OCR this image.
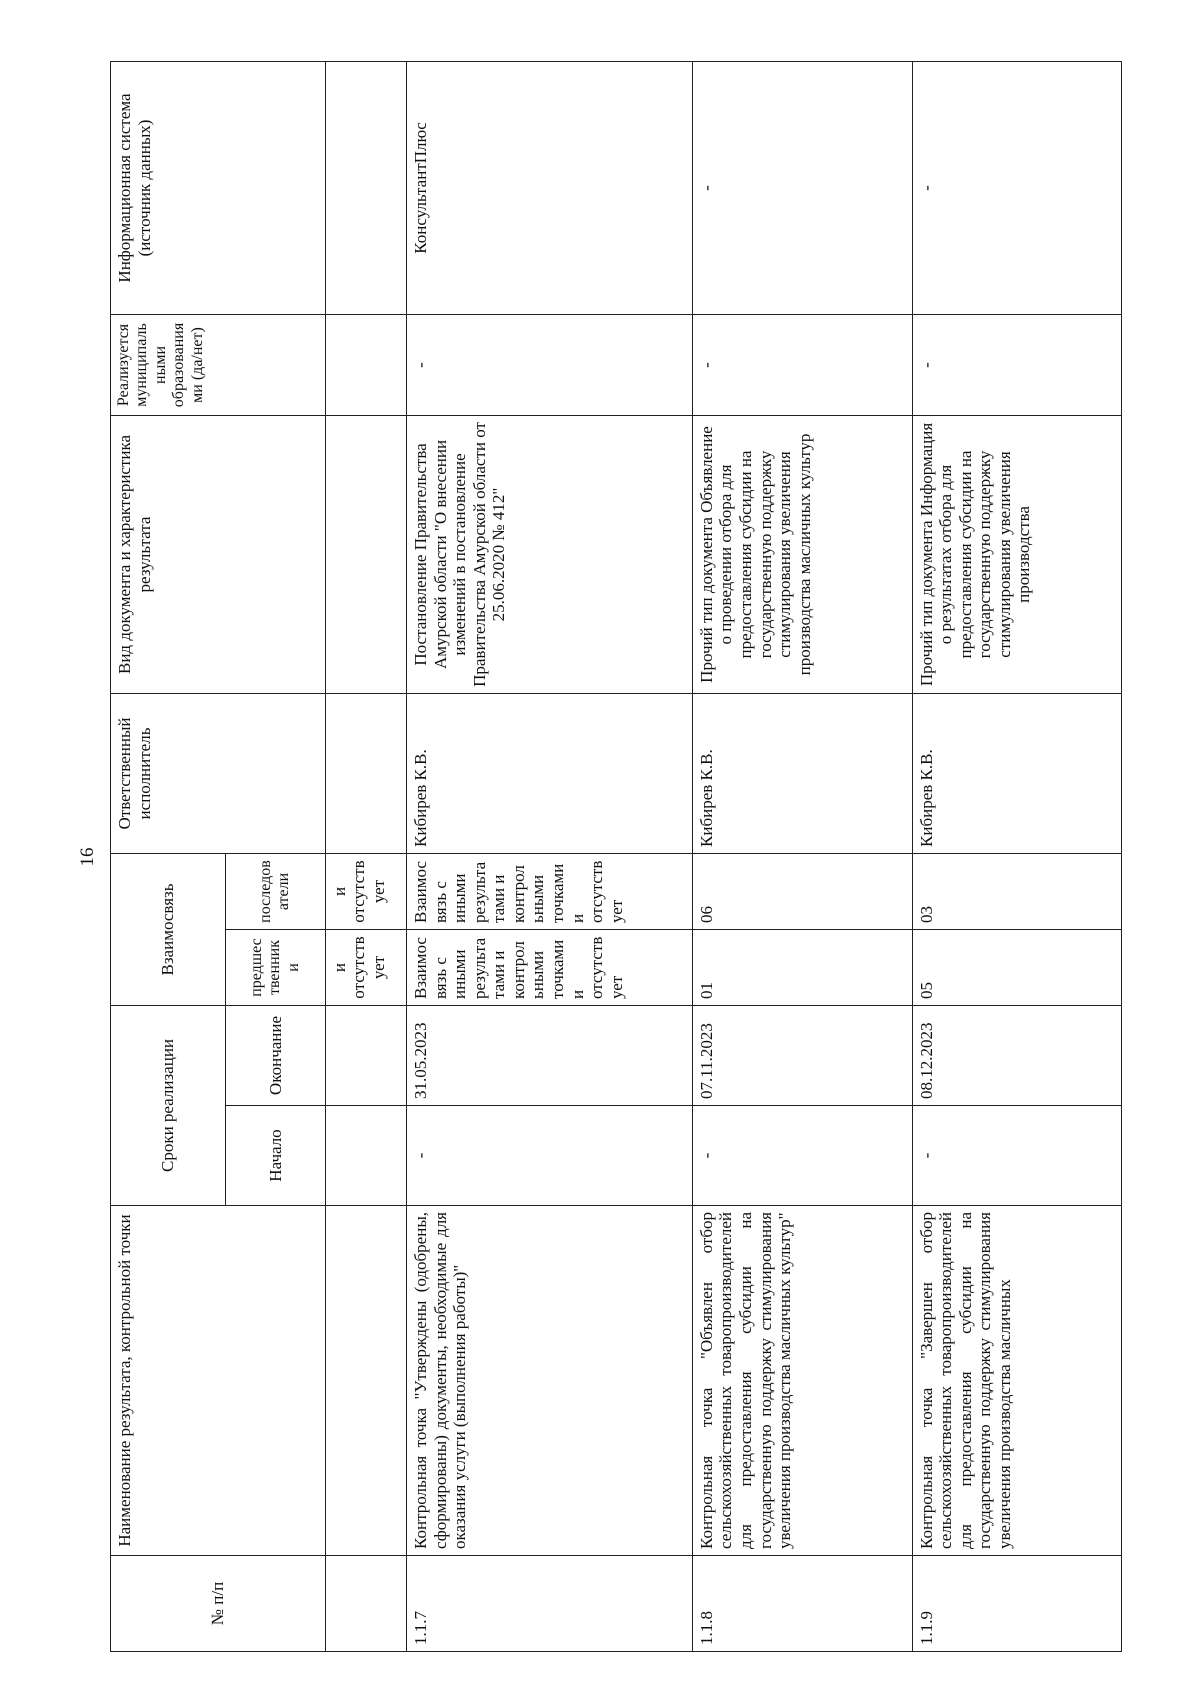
16
№ п/п	Наименование результата, контрольной точки	Сроки реализации		Взаимосвязь		Ответственный исполнитель	Вид документа и характеристика результата	Реализуется муниципальными образованиями (да/нет)	Информационная система (источник данных)
		Начало	Окончание	предшественники	последователи				
				и отсутствует	и отсутствует				
1.1.7	Контрольная точка "Утверждены (одобрены, сформированы) документы, необходимые для оказания услуги (выполнения работы)"	-	31.05.2023	Взаимосвязь с иными результатами и контрольными точками и отсутствует	Взаимосвязь с иными результатами и контрольными точками и отсутствует	Кибирев К.В.	Постановление Правительства Амурской области "О внесении изменений в постановление Правительства Амурской области от 25.06.2020 № 412"	-	КонсультантПлюс
1.1.8	Контрольная точка "Объявлен отбор сельскохозяйственных товаропроизводителей для предоставления субсидии на государственную поддержку стимулирования увеличения производства масличных культур"	-	07.11.2023	01	06	Кибирев К.В.	Прочий тип документа Объявление о проведении отбора для предоставления субсидии на государственную поддержку стимулирования увеличения производства масличных культур	-	-
1.1.9	Контрольная точка "Завершен отбор сельскохозяйственных товаропроизводителей для предоставления субсидии на государственную поддержку стимулирования увеличения производства масличных	-	08.12.2023	05	03	Кибирев К.В.	Прочий тип документа Информация о результатах отбора для предоставления субсидии на государственную поддержку стимулирования увеличения производства	-	-
